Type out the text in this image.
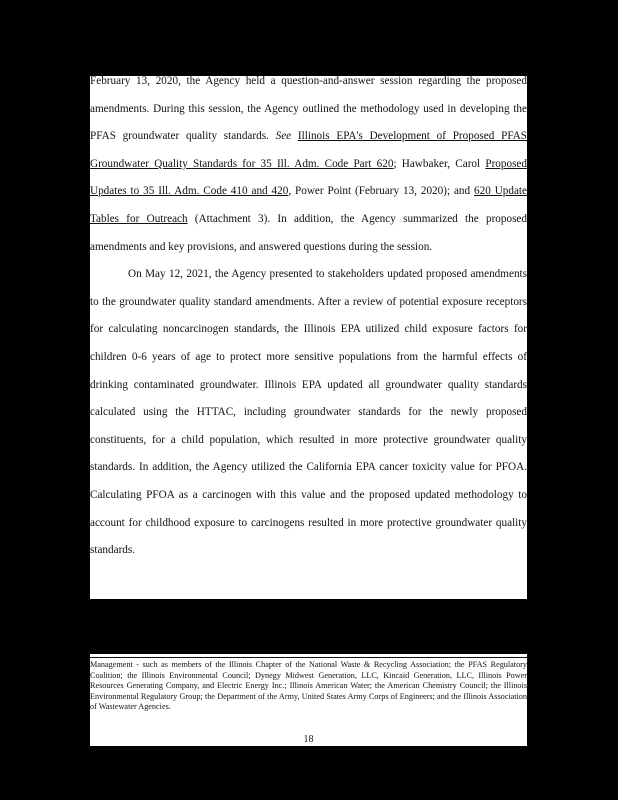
February 13, 2020, the Agency held a question-and-answer session regarding the proposed amendments. During this session, the Agency outlined the methodology used in developing the PFAS groundwater quality standards. See Illinois EPA's Development of Proposed PFAS Groundwater Quality Standards for 35 Ill. Adm. Code Part 620; Hawbaker, Carol Proposed Updates to 35 Ill. Adm. Code 410 and 420, Power Point (February 13, 2020); and 620 Update Tables for Outreach (Attachment 3). In addition, the Agency summarized the proposed amendments and key provisions, and answered questions during the session.

On May 12, 2021, the Agency presented to stakeholders updated proposed amendments to the groundwater quality standard amendments. After a review of potential exposure receptors for calculating noncarcinogen standards, the Illinois EPA utilized child exposure factors for children 0-6 years of age to protect more sensitive populations from the harmful effects of drinking contaminated groundwater. Illinois EPA updated all groundwater quality standards calculated using the HTTAC, including groundwater standards for the newly proposed constituents, for a child population, which resulted in more protective groundwater quality standards. In addition, the Agency utilized the California EPA cancer toxicity value for PFOA. Calculating PFOA as a carcinogen with this value and the proposed updated methodology to account for childhood exposure to carcinogens resulted in more protective groundwater quality standards.

Management - such as members of the Illinois Chapter of the National Waste & Recycling Association; the PFAS Regulatory Coalition; the Illinois Environmental Council; Dynegy Midwest Generation, LLC, Kincaid Generation, LLC, Illinois Power Resources Generating Company, and Electric Energy Inc.; Illinois American Water; the American Chemistry Council; the Illinois Environmental Regulatory Group; the Department of the Army, United States Army Corps of Engineers; and the Illinois Association of Wastewater Agencies.
18
